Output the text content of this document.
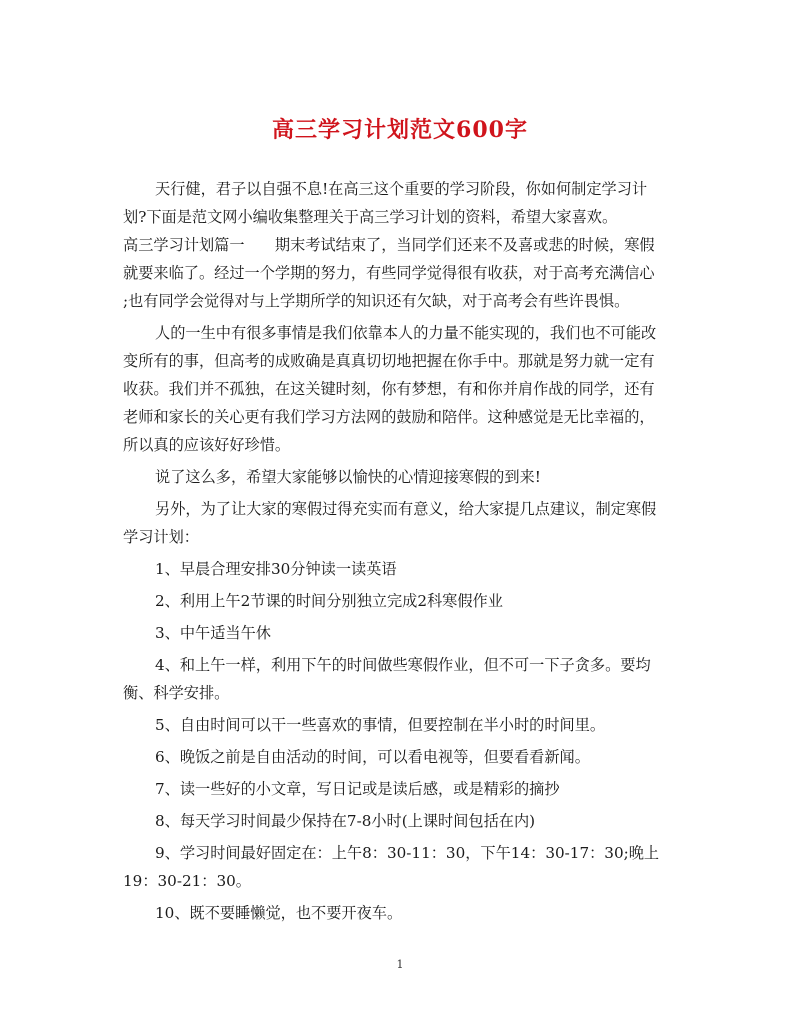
高三学习计划范文600字
天行健，君子以自强不息!在高三这个重要的学习阶段，你如何制定学习计
划?下面是范文网小编收集整理关于高三学习计划的资料，希望大家喜欢。
高三学习计划篇一　　期末考试结束了，当同学们还来不及喜或悲的时候，寒假
就要来临了。经过一个学期的努力，有些同学觉得很有收获，对于高考充满信心
;也有同学会觉得对与上学期所学的知识还有欠缺，对于高考会有些许畏惧。
人的一生中有很多事情是我们依靠本人的力量不能实现的，我们也不可能改
变所有的事，但高考的成败确是真真切切地把握在你手中。那就是努力就一定有
收获。我们并不孤独，在这关键时刻，你有梦想，有和你并肩作战的同学，还有
老师和家长的关心更有我们学习方法网的鼓励和陪伴。这种感觉是无比幸福的，
所以真的应该好好珍惜。
说了这么多，希望大家能够以愉快的心情迎接寒假的到来!
另外，为了让大家的寒假过得充实而有意义，给大家提几点建议，制定寒假
学习计划：
1、早晨合理安排30分钟读一读英语
2、利用上午2节课的时间分别独立完成2科寒假作业
3、中午适当午休
4、和上午一样，利用下午的时间做些寒假作业，但不可一下子贪多。要均
衡、科学安排。
5、自由时间可以干一些喜欢的事情，但要控制在半小时的时间里。
6、晚饭之前是自由活动的时间，可以看电视等，但要看看新闻。
7、读一些好的小文章，写日记或是读后感，或是精彩的摘抄
8、每天学习时间最少保持在7-8小时(上课时间包括在内)
9、学习时间最好固定在：上午8：30-11：30，下午14：30-17：30;晚上
19：30-21：30。
10、既不要睡懒觉，也不要开夜车。
1
